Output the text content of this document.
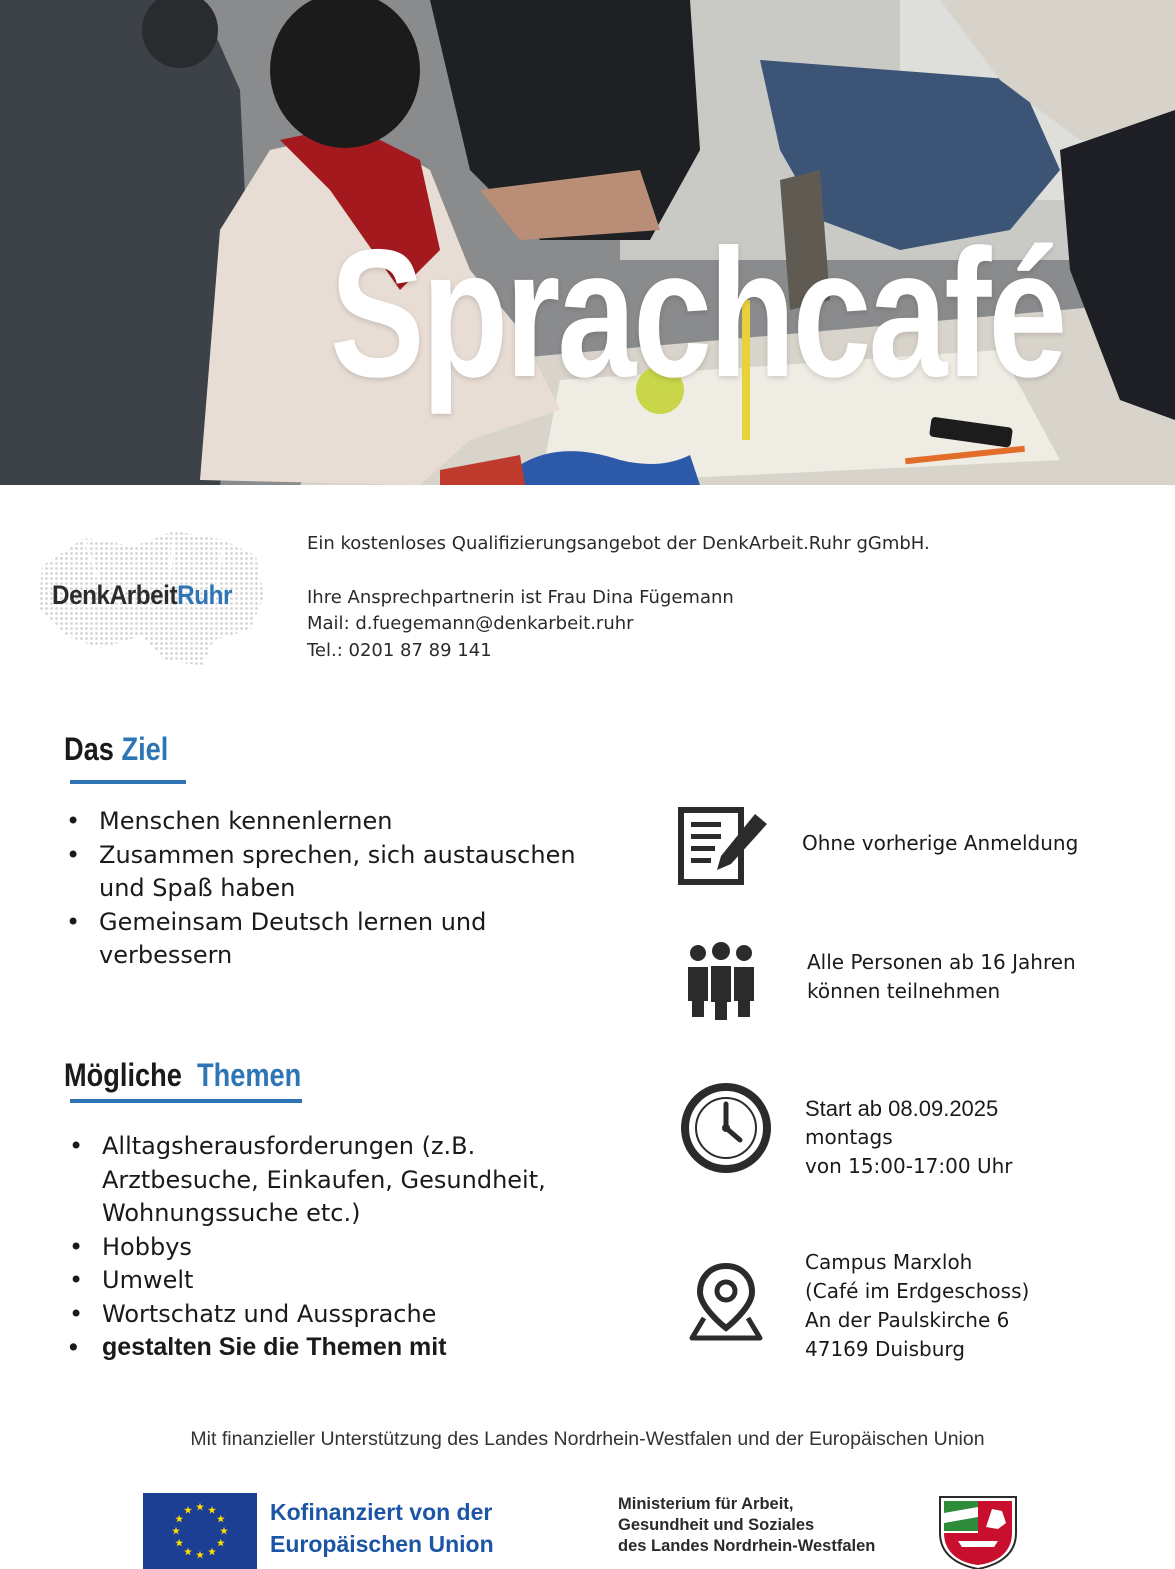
Sprachcafé
DenkArbeitRuhr
Ein kostenloses Qualifizierungsangebot der DenkArbeit.Ruhr gGmbH.
Ihre Ansprechpartnerin ist Frau Dina Fügemann
Mail: d.fuegemann@denkarbeit.ruhr
Tel.: 0201 87 89 141
Das Ziel
• Menschen kennenlernen
• Zusammen sprechen, sich austauschen und Spaß haben
• Gemeinsam Deutsch lernen und verbessern
Mögliche Themen
• Alltagsherausforderungen (z.B. Arztbesuche, Einkaufen, Gesundheit, Wohnungssuche etc.)
• Hobbys
• Umwelt
• Wortschatz und Aussprache
• gestalten Sie die Themen mit
Ohne vorherige Anmeldung
Alle Personen ab 16 Jahren
können teilnehmen
Start ab 08.09.2025
montags
von 15:00-17:00 Uhr
Campus Marxloh
(Café im Erdgeschoss)
An der Paulskirche 6
47169 Duisburg
Mit finanzieller Unterstützung des Landes Nordrhein-Westfalen und der Europäischen Union
Kofinanziert von der
Europäischen Union
Ministerium für Arbeit,
Gesundheit und Soziales
des Landes Nordrhein-Westfalen
